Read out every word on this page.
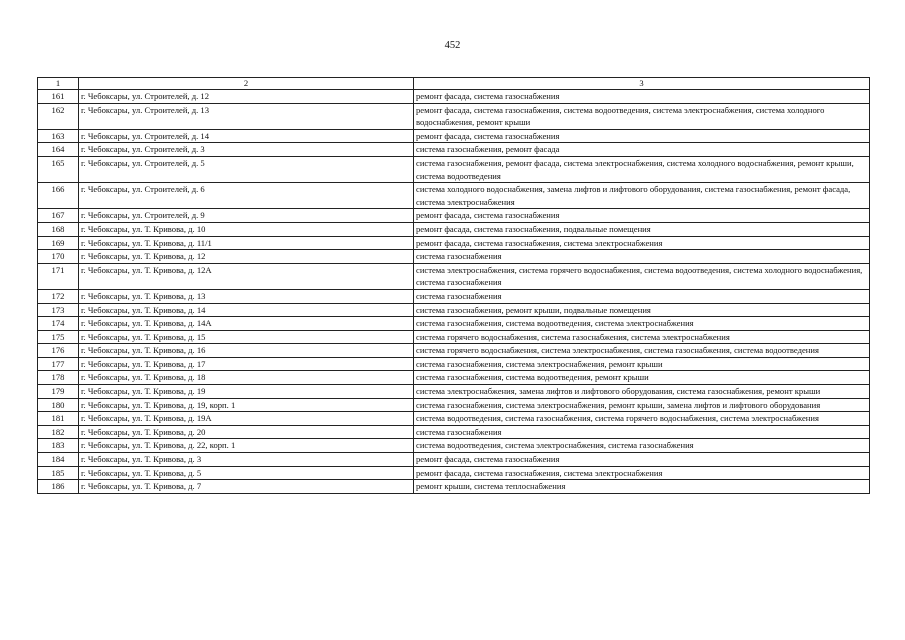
452
1	2	3
161	г. Чебоксары, ул. Строителей, д. 12	ремонт фасада, система газоснабжения
162	г. Чебоксары, ул. Строителей, д. 13	ремонт фасада, система газоснабжения, система водоотведения, система электроснабжения, система холодного водоснабжения, ремонт крыши
163	г. Чебоксары, ул. Строителей, д. 14	ремонт фасада, система газоснабжения
164	г. Чебоксары, ул. Строителей, д. 3	система газоснабжения, ремонт фасада
165	г. Чебоксары, ул. Строителей, д. 5	система газоснабжения, ремонт фасада, система электроснабжения, система холодного водоснабжения, ремонт крыши, система водоотведения
166	г. Чебоксары, ул. Строителей, д. 6	система холодного водоснабжения, замена лифтов и лифтового оборудования, система газоснабжения, ремонт фасада, система электроснабжения
167	г. Чебоксары, ул. Строителей, д. 9	ремонт фасада, система газоснабжения
168	г. Чебоксары, ул. Т. Кривова, д. 10	ремонт фасада, система газоснабжения, подвальные помещения
169	г. Чебоксары, ул. Т. Кривова, д. 11/1	ремонт фасада, система газоснабжения, система электроснабжения
170	г. Чебоксары, ул. Т. Кривова, д. 12	система газоснабжения
171	г. Чебоксары, ул. Т. Кривова, д. 12А	система электроснабжения, система горячего водоснабжения, система водоотведения, система холодного водоснабжения, система газоснабжения
172	г. Чебоксары, ул. Т. Кривова, д. 13	система газоснабжения
173	г. Чебоксары, ул. Т. Кривова, д. 14	система газоснабжения, ремонт крыши, подвальные помещения
174	г. Чебоксары, ул. Т. Кривова, д. 14А	система газоснабжения, система водоотведения, система электроснабжения
175	г. Чебоксары, ул. Т. Кривова, д. 15	система горячего водоснабжения, система газоснабжения, система электроснабжения
176	г. Чебоксары, ул. Т. Кривова, д. 16	система горячего водоснабжения, система электроснабжения, система газоснабжения, система водоотведения
177	г. Чебоксары, ул. Т. Кривова, д. 17	система газоснабжения, система электроснабжения, ремонт крыши
178	г. Чебоксары, ул. Т. Кривова, д. 18	система газоснабжения, система водоотведения, ремонт крыши
179	г. Чебоксары, ул. Т. Кривова, д. 19	система электроснабжения, замена лифтов и лифтового оборудования, система газоснабжения, ремонт крыши
180	г. Чебоксары, ул. Т. Кривова, д. 19, корп. 1	система газоснабжения, система электроснабжения, ремонт крыши, замена лифтов и лифтового оборудования
181	г. Чебоксары, ул. Т. Кривова, д. 19А	система водоотведения, система газоснабжения, система горячего водоснабжения, система электроснабжения
182	г. Чебоксары, ул. Т. Кривова, д. 20	система газоснабжения
183	г. Чебоксары, ул. Т. Кривова, д. 22, корп. 1	система водоотведения, система электроснабжения, система газоснабжения
184	г. Чебоксары, ул. Т. Кривова, д. 3	ремонт фасада, система газоснабжения
185	г. Чебоксары, ул. Т. Кривова, д. 5	ремонт фасада, система газоснабжения, система электроснабжения
186	г. Чебоксары, ул. Т. Кривова, д. 7	ремонт крыши, система теплоснабжения
